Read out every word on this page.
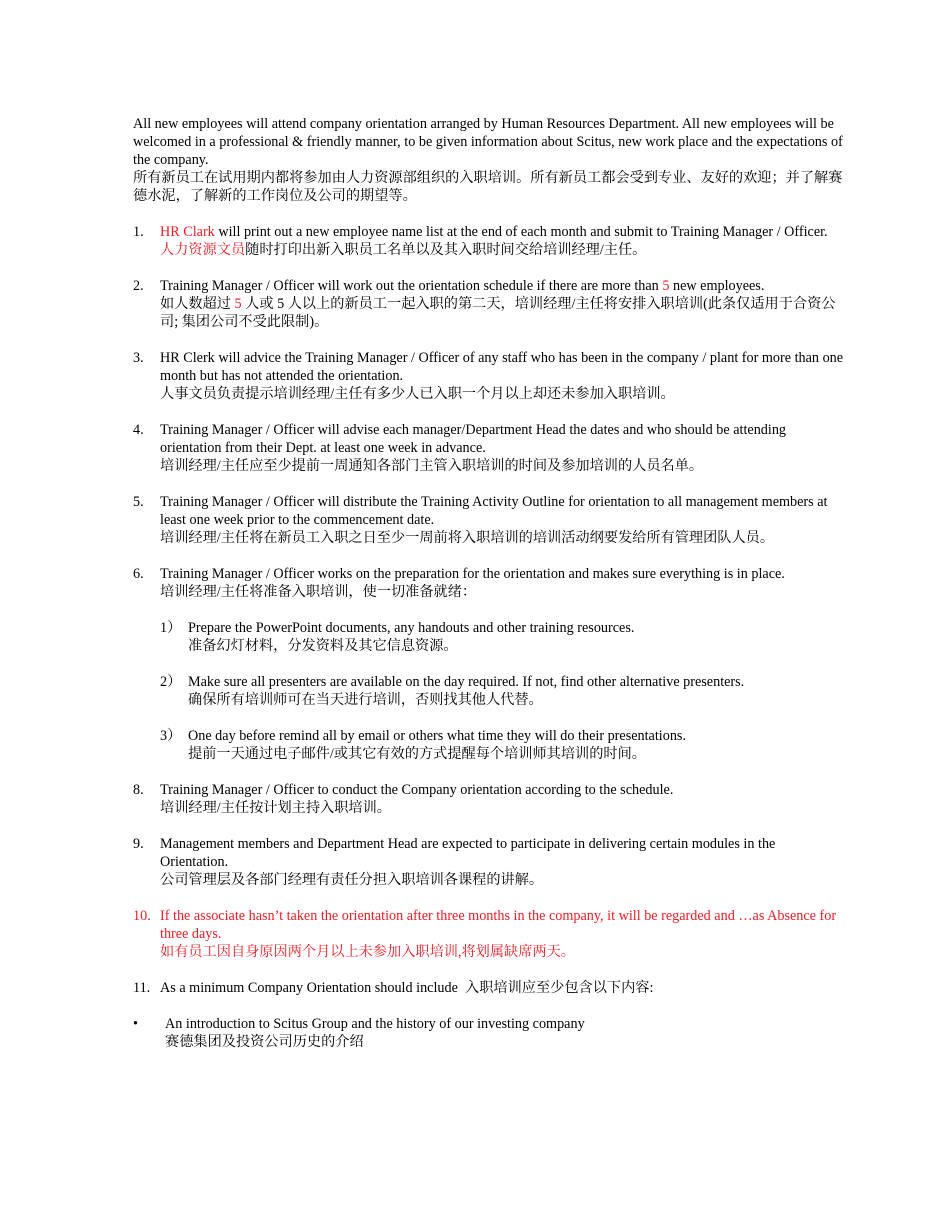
All new employees will attend company orientation arranged by Human Resources Department. All new employees will be welcomed in a professional & friendly manner, to be given information about Scitus, new work place and the expectations of the company.

所有新员工在试用期内都将参加由人力资源部组织的入职培训。所有新员工都会受到专业、友好的欢迎；并了解赛德水泥，了解新的工作岗位及公司的期望等。

1. HR Clark will print out a new employee name list at the end of each month and submit to Training Manager / Officer.

人力资源文员随时打印出新入职员工名单以及其入职时间交给培训经理/主任。

2. Training Manager / Officer will work out the orientation schedule if there are more than 5 new employees.

如人数超过 5 人或 5 人以上的新员工一起入职的第二天，培训经理/主任将安排入职培训(此条仅适用于合资公司; 集团公司不受此限制)。

3. HR Clerk will advice the Training Manager / Officer of any staff who has been in the company / plant for more than one month but has not attended the orientation.

人事文员负责提示培训经理/主任有多少人已入职一个月以上却还未参加入职培训。

4. Training Manager / Officer will advise each manager/Department Head the dates and who should be attending orientation from their Dept. at least one week in advance.

培训经理/主任应至少提前一周通知各部门主管入职培训的时间及参加培训的人员名单。

5. Training Manager / Officer will distribute the Training Activity Outline for orientation to all management members at least one week prior to the commencement date.

培训经理/主任将在新员工入职之日至少一周前将入职培训的培训活动纲要发给所有管理团队人员。

6. Training Manager / Officer works on the preparation for the orientation and makes sure everything is in place.

培训经理/主任将准备入职培训，使一切准备就绪：

1） Prepare the PowerPoint documents, any handouts and other training resources.

准备幻灯材料，分发资料及其它信息资源。

2） Make sure all presenters are available on the day required. If not, find other alternative presenters.

确保所有培训师可在当天进行培训，否则找其他人代替。

3） One day before remind all by email or others what time they will do their presentations.

提前一天通过电子邮件/或其它有效的方式提醒每个培训师其培训的时间。

8. Training Manager / Officer to conduct the Company orientation according to the schedule.

培训经理/主任按计划主持入职培训。

9. Management members and Department Head are expected to participate in delivering certain modules in the Orientation.

公司管理层及各部门经理有责任分担入职培训各课程的讲解。

10. If the associate hasn’t taken the orientation after three months in the company, it will be regarded and …as Absence for three days.

如有员工因自身原因两个月以上未参加入职培训,将划属缺席两天。

11. As a minimum Company Orientation should include 入职培训应至少包含以下内容:

• An introduction to Scitus Group and the history of our investing company

赛德集团及投资公司历史的介绍
